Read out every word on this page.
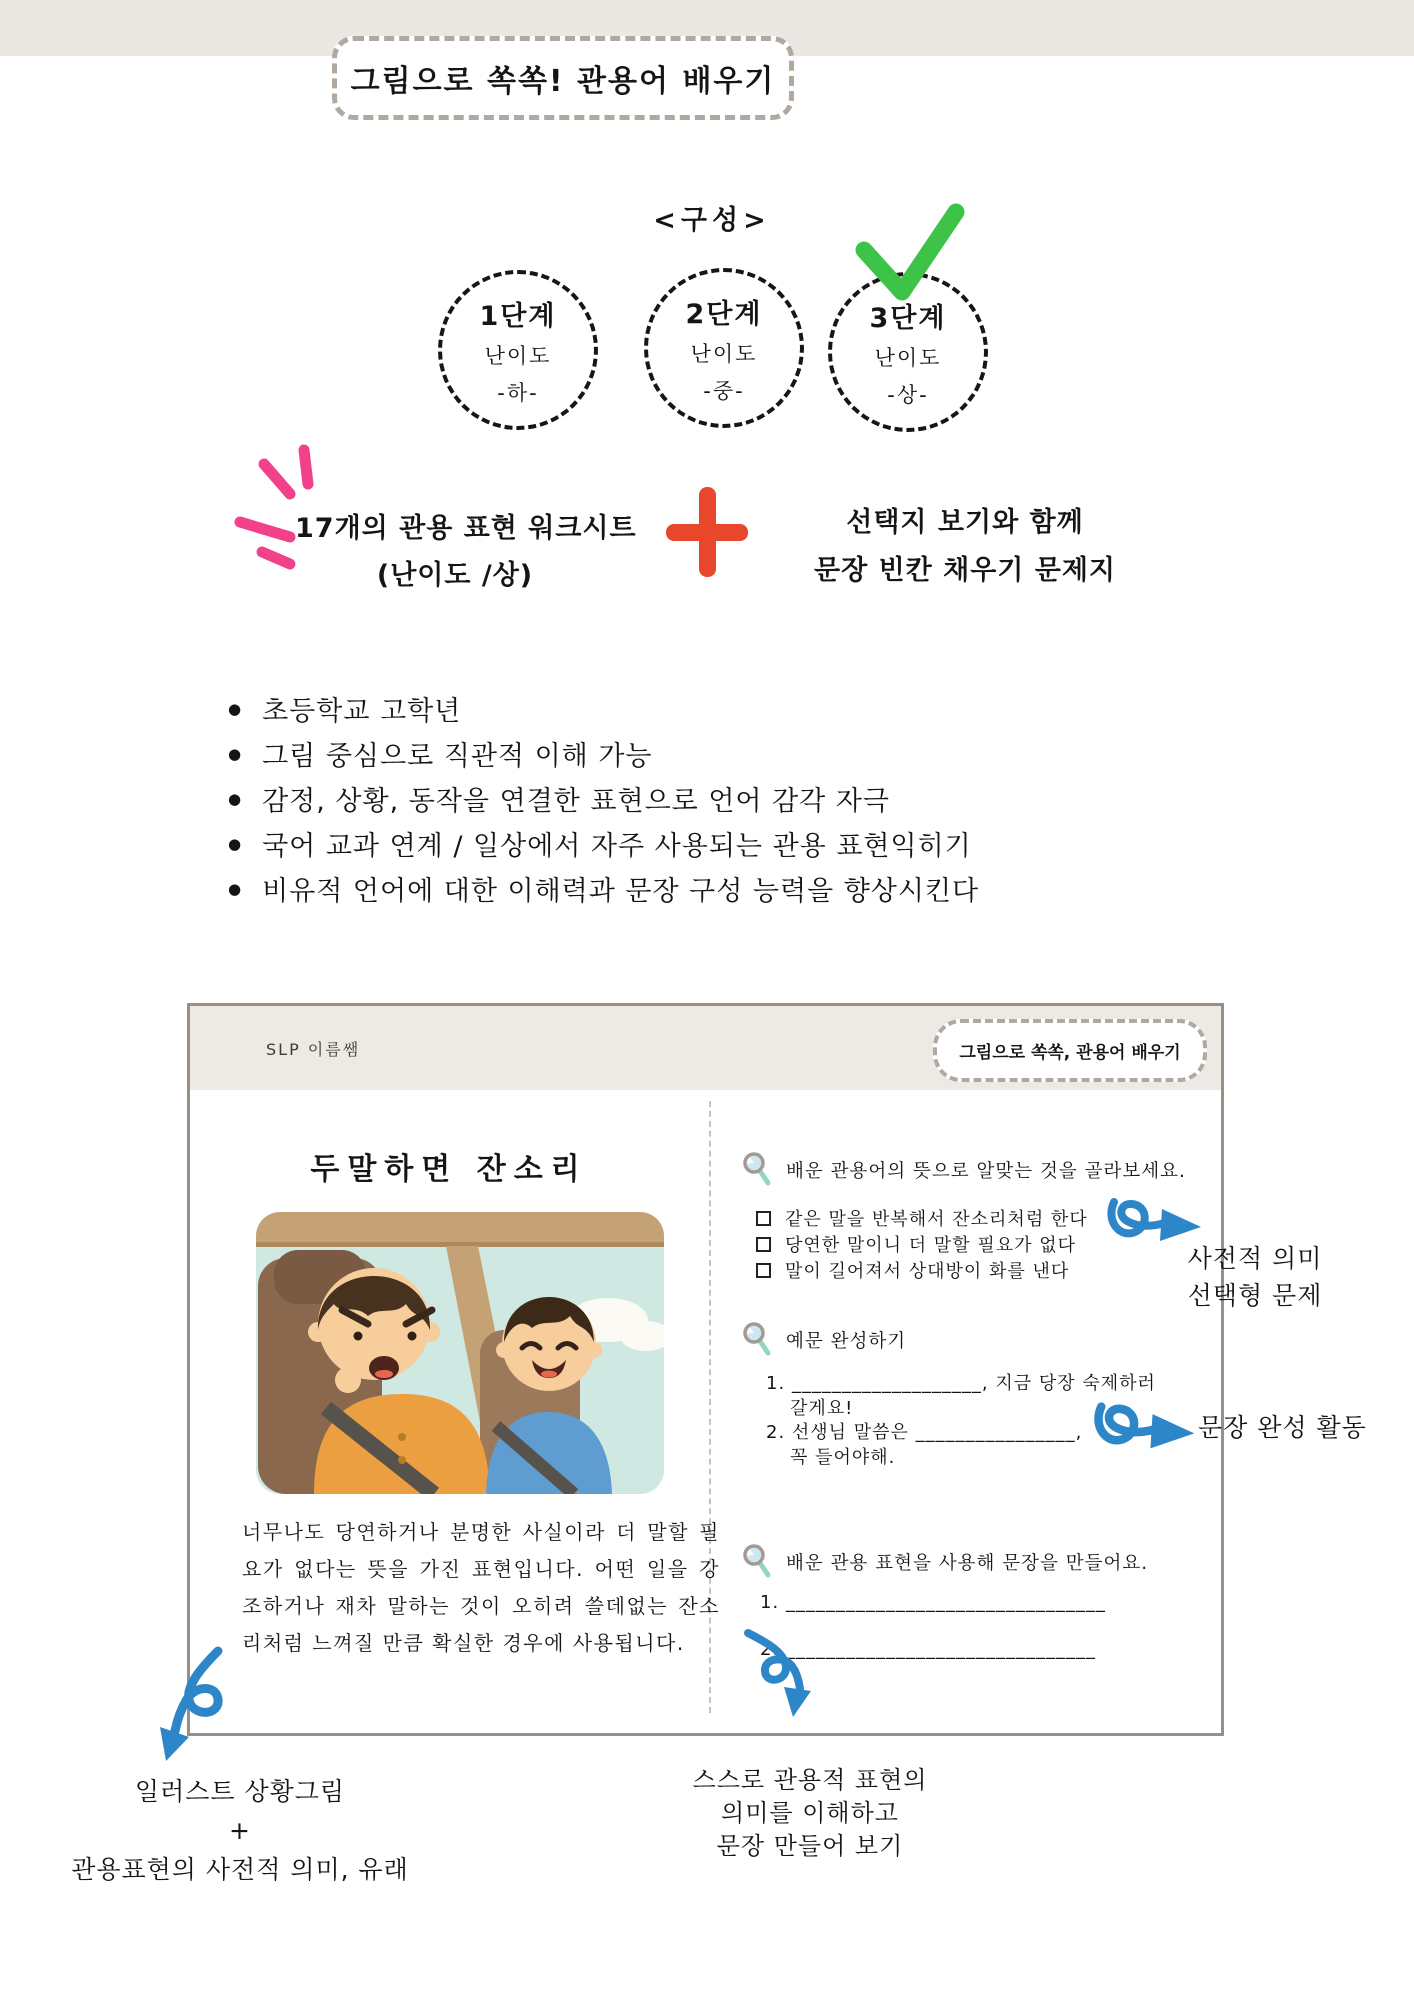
그림으로 쏙쏙! 관용어 배우기
<구성>
1단계
난이도
-하-
2단계
난이도
-중-
3단계
난이도
-상-
17개의 관용 표현 워크시트
(난이도 /상)
선택지 보기와 함께
문장 빈칸 채우기 문제지
● 초등학교 고학년
● 그림 중심으로 직관적 이해 가능
● 감정, 상황, 동작을 연결한 표현으로 언어 감각 자극
● 국어 교과 연계 / 일상에서 자주 사용되는 관용 표현익히기
● 비유적 언어에 대한 이해력과 문장 구성 능력을 향상시킨다
SLP 이름쌤	그림으로 쏙쏙, 관용어 배우기
두말하면 잔소리
너무나도 당연하거나 분명한 사실이라 더 말할 필요가 없다는 뜻을 가진 표현입니다. 어떤 일을 강조하거나 재차 말하는 것이 오히려 쓸데없는 잔소리처럼 느껴질 만큼 확실한 경우에 사용됩니다.
배운 관용어의 뜻으로 알맞는 것을 골라보세요.
같은 말을 반복해서 잔소리처럼 한다
당연한 말이니 더 말할 필요가 없다
말이 길어져서 상대방이 화를 낸다
예문 완성하기
1. ___________________, 지금 당장 숙제하러
갈게요!
2. 선생님 말씀은 ________________,
꼭 들어야해.
배운 관용 표현을 사용해 문장을 만들어요.
1. ________________________________
2. _______________________________
사전적 의미
선택형 문제
문장 완성 활동
일러스트 상황그림
+
관용표현의 사전적 의미, 유래
스스로 관용적 표현의
의미를 이해하고
문장 만들어 보기
